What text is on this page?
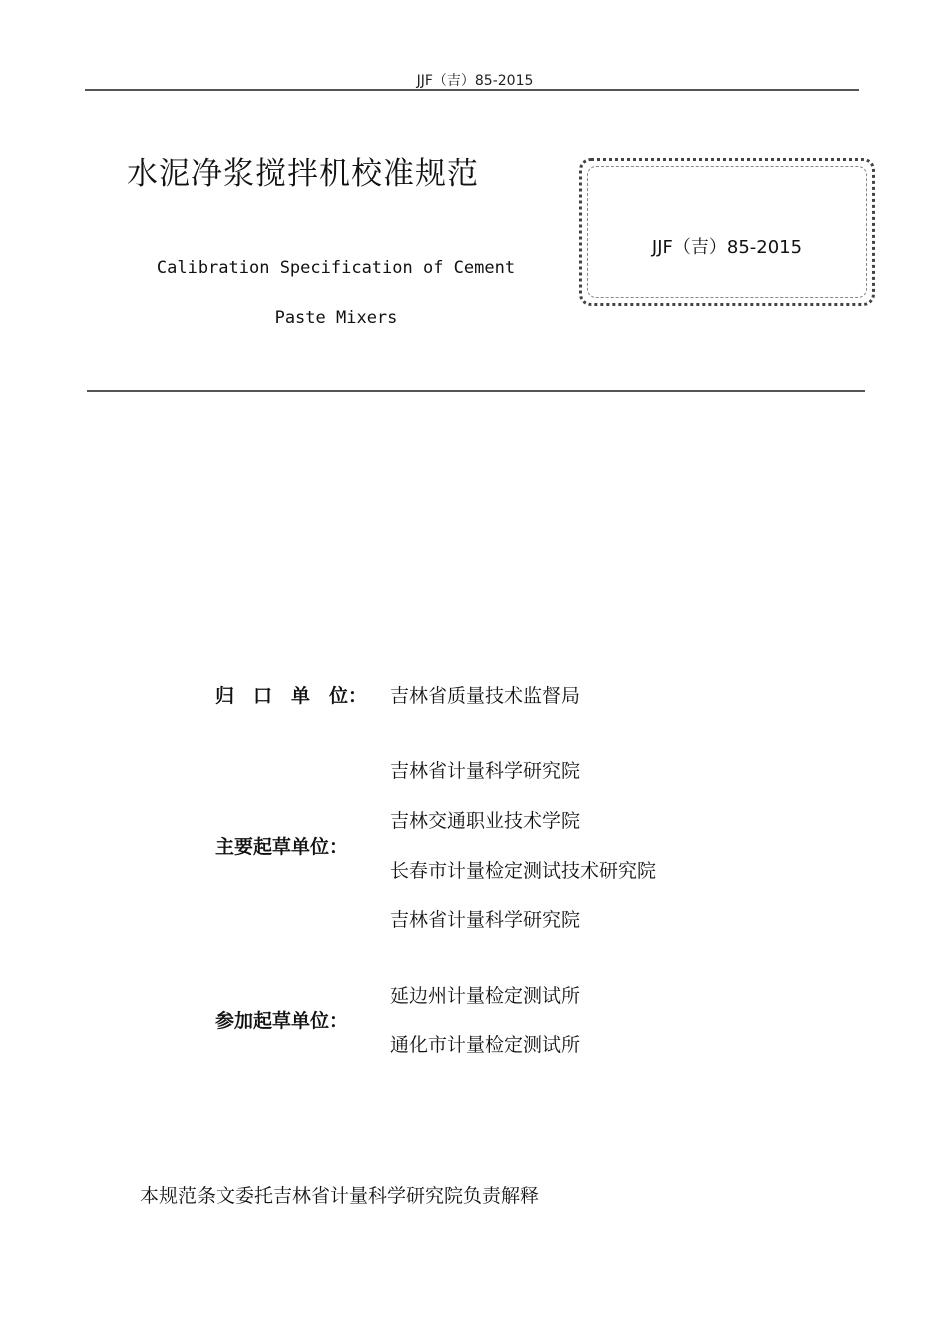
JJF（吉）85-2015
水泥净浆搅拌机校准规范
Calibration Specification of Cement
Paste Mixers
JJF（吉）85-2015
归　口　单　位： 吉林省质量技术监督局
主要起草单位：
吉林省计量科学研究院
吉林交通职业技术学院
长春市计量检定测试技术研究院
吉林省计量科学研究院
参加起草单位：
延边州计量检定测试所
通化市计量检定测试所
本规范条文委托吉林省计量科学研究院负责解释
